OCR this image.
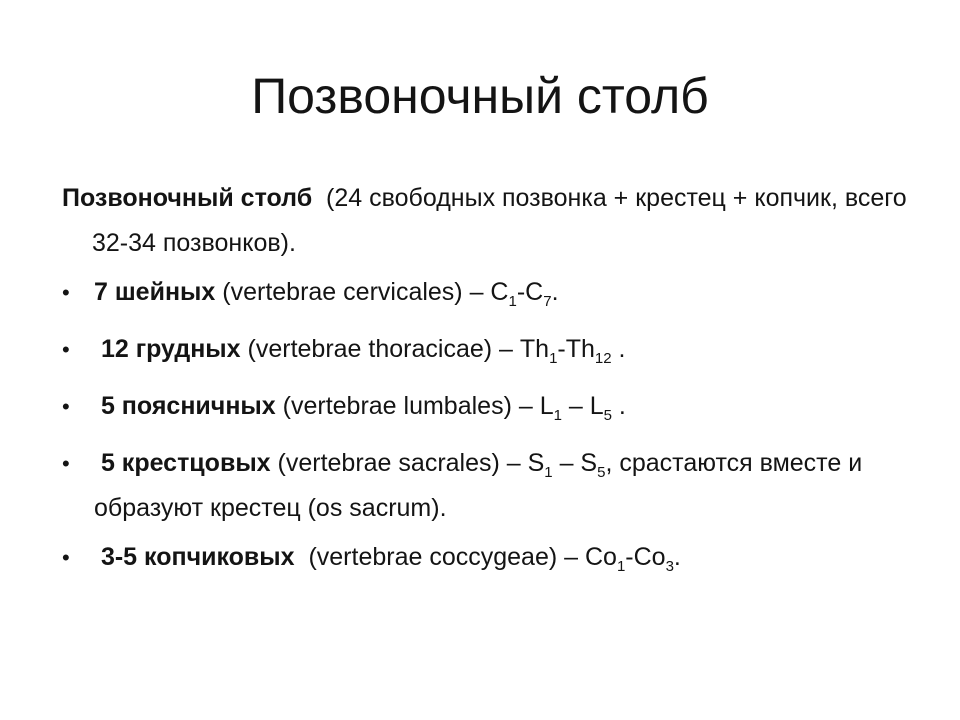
Позвоночный столб

Позвоночный столб (24 свободных позвонка + крестец + копчик, всего 32-34 позвонков).

• 7 шейных (vertebrae cervicales) – $C_1-C_7$.
•	12 грудных (vertebrae thoracicae) – $Th_1-Th_{12}$ .
•	5 поясничных (vertebrae lumbales) – $L_1 - L_5$ .
•	5 крестцовых (vertebrae sacrales) – $S_1 - S_5$, срастаются вместе и образуют крестец (os sacrum).
•	3-5 копчиковых  (vertebrae coccygeae) – $Co_1-Co_3$.
